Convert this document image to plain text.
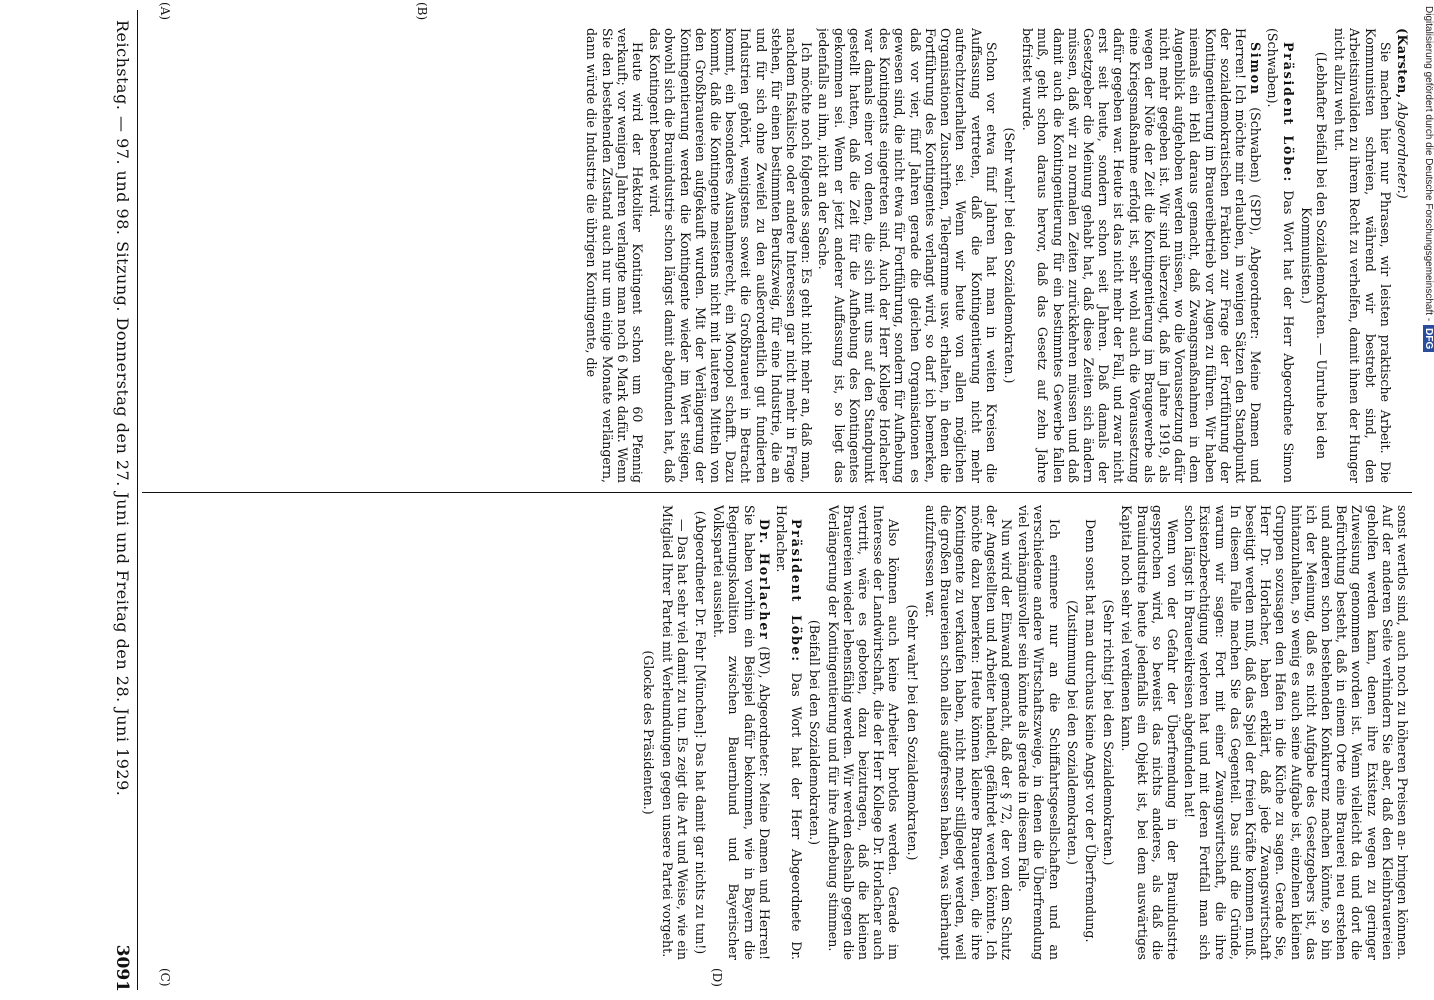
Reichstag. — 97. und 98. Sitzung. Donnerstag den 27. Juni und Freitag den 28. Juni 1929.
3091
(A)	(B)
(C)	(D)

(Karsten, Abgeordneter.)

Sie machen hier nur Phrasen, wir leisten praktische Arbeit. Die Kommunisten schreien, während wir bestrebt sind, den Arbeitsinvaliden zu ihrem Recht zu verhelfen, damit ihnen der Hunger nicht allzu weh tut.

(Lebhafter Beifall bei den Sozialdemokraten. — Unruhe bei den Kommunisten.)

Präsident Löbe: Das Wort hat der Herr Abgeordnete Simon (Schwaben).

Simon (Schwaben) (SPD), Abgeordneter: Meine Damen und Herren! Ich möchte mir erlauben, in wenigen Sätzen den Standpunkt der sozialdemokratischen Fraktion zur Frage der Fortführung der Kontingentierung im Brauereibetrieb vor Augen zu führen. Wir haben niemals ein Hehl daraus gemacht, daß Zwangsmaßnahmen in dem Augenblick aufgehoben werden müssen, wo die Voraussetzung dafür nicht mehr gegeben ist. Wir sind überzeugt, daß im Jahre 1919, als wegen der Nöte der Zeit die Kontingentierung im Braugewerbe als eine Kriegsmaßnahme erfolgt ist, sehr wohl auch die Voraussetzung dafür gegeben war. Heute ist das nicht mehr der Fall, und zwar nicht erst seit heute, sondern schon seit Jahren. Daß damals der Gesetzgeber die Meinung gehabt hat, daß diese Zeiten sich ändern müssen, daß wir zu normalen Zeiten zurückkehren müssen und daß damit auch die Kontingentierung für ein bestimmtes Gewerbe fallen muß, geht schon daraus hervor, daß das Gesetz auf zehn Jahre befristet wurde.

(Sehr wahr! bei den Sozialdemokraten.)

Schon vor etwa fünf Jahren hat man in weiten Kreisen die Auffassung vertreten, daß die Kontingentierung nicht mehr aufrechtzuerhalten sei. Wenn wir heute von allen möglichen Organisationen Zuschriften, Telegramme usw. erhalten, in denen die Fortführung des Kontingentes verlangt wird, so darf ich bemerken, daß vor vier, fünf Jahren gerade die gleichen Organisationen es gewesen sind, die nicht etwa für Fortführung, sondern für Aufhebung des Kontingents eingetreten sind. Auch der Herr Kollege Horlacher war damals einer von denen, die sich mit uns auf den Standpunkt gestellt hatten, daß die Zeit für die Aufhebung des Kontingentes gekommen sei. Wenn er jetzt anderer Auffassung ist, so liegt das jedenfalls an ihm, nicht an der Sache.

Ich möchte noch folgendes sagen: Es geht nicht mehr an, daß man, nachdem fiskalische oder andere Interessen gar nicht mehr in Frage stehen, für einen bestimmten Berufszweig, für eine Industrie, die an und für sich ohne Zweifel zu den außerordentlich gut fundierten Industrien gehört, wenigstens soweit die Großbrauerei in Betracht kommt, ein besonderes Ausnahmerecht, ein Monopol schafft. Dazu kommt, daß die Kontingente meistens nicht mit lauteren Mitteln von den Großbrauereien aufgekauft wurden. Mit der Verlängerung der Kontingentierung werden die Kontingente wieder im Wert steigen, obwohl sich die Brauindustrie schon längst damit abgefunden hat, daß das Kontingent beendet wird.

Heute wird der Hektoliter Kontingent schon um 60 Pfennig verkauft; vor wenigen Jahren verlangte man noch 6 Mark dafür. Wenn Sie den bestehenden Zustand auch nur um einige Monate verlängern, dann würde die Industrie die übrigen Kontingente, die

sonst wertlos sind, auch noch zu höheren Preisen an- bringen können. Auf der anderen Seite verhindern Sie aber, daß den Kleinbrauereien geholfen werden kann, denen ihre Existenz wegen zu geringer Zuweisung genommen worden ist. Wenn vielleicht da und dort die Befürchtung besteht, daß in einem Orte eine Brauerei neu erstehen und anderen schon bestehenden Konkurrenz machen könnte, so bin ich der Meinung, daß es nicht Aufgabe des Gesetzgebers ist, das hintanzuhalten, so wenig es auch seine Aufgabe ist, einzelnen kleinen Gruppen sozusagen den Hafen in die Küche zu sagen. Gerade Sie, Herr Dr. Horlacher, haben erklärt, daß jede Zwangswirtschaft beseitigt werden muß, daß das Spiel der freien Kräfte kommen muß. In diesem Falle machen Sie das Gegenteil. Das sind die Gründe, warum wir sagen: Fort mit einer Zwangswirtschaft, die ihre Existenzberechtigung verloren hat und mit deren Fortfall man sich schon längst in Brauereikreisen abgefunden hat!

Wenn von der Gefahr der Überfremdung in der Brauindustrie gesprochen wird, so beweist das nichts anderes, als daß die Brauindustrie heute jedenfalls ein Objekt ist, bei dem auswärtiges Kapital noch sehr viel verdienen kann.

(Sehr richtig! bei den Sozialdemokraten.)

Denn sonst hat man durchaus keine Angst vor der Überfremdung.

(Zustimmung bei den Sozialdemokraten.)

Ich erinnere nur an die Schiffahrtsgesellschaften und an verschiedene andere Wirtschaftszweige, in denen die Überfremdung viel verhängnisvoller sein könnte als gerade in diesem Falle.

Nun wird der Einwand gemacht, daß der § 72, der von dem Schutz der Angestellten und Arbeiter handelt, gefährdet werden könnte. Ich möchte dazu bemerken: Heute können kleinere Brauereien, die ihre Kontingente zu verkaufen haben, nicht mehr stillgelegt werden, weil die großen Brauereien schon alles aufgefressen haben, was überhaupt aufzufressen war.

(Sehr wahr! bei den Sozialdemokraten.)

Also können auch keine Arbeiter brotlos werden. Gerade im Interesse der Landwirtschaft, die der Herr Kollege Dr. Horlacher auch vertritt, wäre es geboten, dazu beizutragen, daß die kleinen Brauereien wieder lebensfähig werden. Wir werden deshalb gegen die Verlängerung der Kontingentierung und für ihre Aufhebung stimmen.

(Beifall bei den Sozialdemokraten.)

Präsident Löbe: Das Wort hat der Herr Abgeordnete Dr. Horlacher.

Dr. Horlacher (BV), Abgeordneter: Meine Damen und Herren! Sie haben vorhin ein Beispiel dafür bekommen, wie in Bayern die Regierungskoalition zwischen Bauernbund und Bayerischer Volkspartei aussieht.

(Abgeordneter Dr. Fehr [München]: Das hat damit gar nichts zu tun!)

— Das hat sehr viel damit zu tun. Es zeigt die Art und Weise, wie ein Mitglied Ihrer Partei mit Verleumdungen gegen unsere Partei vorgeht.

(Glocke des Präsidenten.)

Digitalisierung gefördert durch die Deutsche Forschungsgemeinschaft -DFG
